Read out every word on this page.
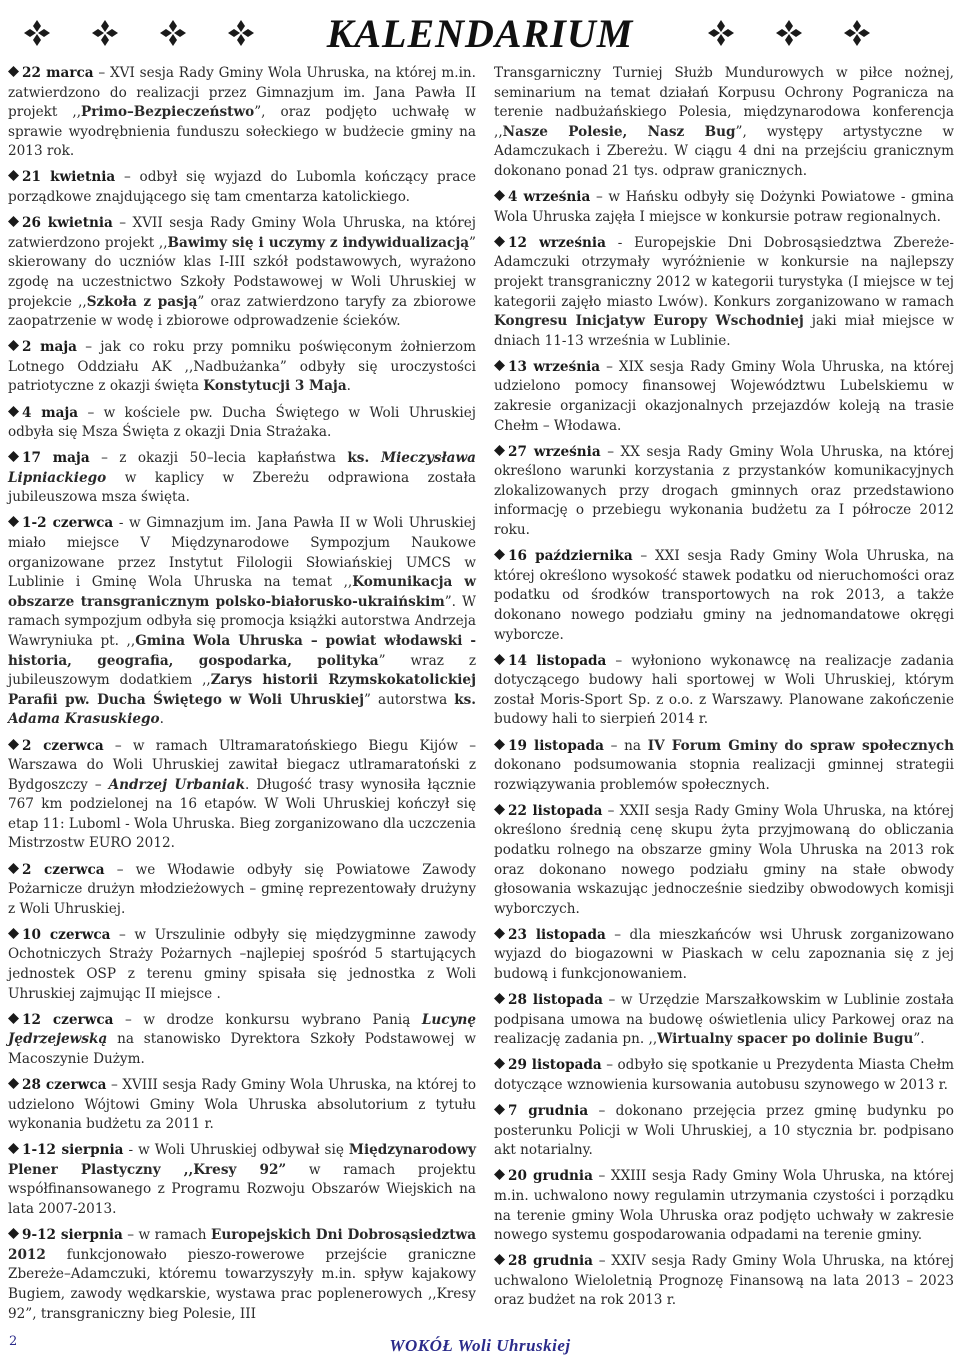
KALENDARIUM

22 marca – XVI sesja Rady Gminy Wola Uhruska, na której m.in. zatwierdzono do realizacji przez Gimnazjum im. Jana Pawła II projekt ,,Primo–Bezpieczeństwo”, oraz podjęto uchwałę w sprawie wyodrębnienia funduszu sołeckiego w budżecie gminy na 2013 rok.

21 kwietnia – odbył się wyjazd do Lubomla kończący prace porządkowe znajdującego się tam cmentarza katolickiego.

26 kwietnia – XVII sesja Rady Gminy Wola Uhruska, na której zatwierdzono projekt ,,Bawimy się i uczymy z indywidualizacją” skierowany do uczniów klas I-III szkół podstawowych, wyrażono zgodę na uczestnictwo Szkoły Podstawowej w Woli Uhruskiej w projekcie ,,Szkoła z pasją” oraz zatwierdzono taryfy za zbiorowe zaopatrzenie w wodę i zbiorowe odprowadzenie ścieków.

2 maja – jak co roku przy pomniku poświęconym żołnierzom Lotnego Oddziału AK ,,Nadbużanka” odbyły się uroczystości patriotyczne z okazji święta Konstytucji 3 Maja.

4 maja – w kościele pw. Ducha Świętego w Woli Uhruskiej odbyła się Msza Święta z okazji Dnia Strażaka.

17 maja – z okazji 50–lecia kapłaństwa ks. Mieczysława Lipniackiego w kaplicy w Zbereżu odprawiona została jubileuszowa msza święta.

1-2 czerwca - w Gimnazjum im. Jana Pawła II w Woli Uhruskiej miało miejsce V Międzynarodowe Sympozjum Naukowe organizowane przez Instytut Filologii Słowiańskiej UMCS w Lublinie i Gminę Wola Uhruska na temat ,,Komunikacja w obszarze transgranicznym polsko-białorusko-ukraińskim”. W ramach sympozjum odbyła się promocja książki autorstwa Andrzeja Wawryniuka pt. ,,Gmina Wola Uhruska – powiat włodawski - historia, geografia, gospodarka, polityka” wraz z jubileuszowym dodatkiem ,,Zarys historii Rzymskokatolickiej Parafii pw. Ducha Świętego w Woli Uhruskiej” autorstwa ks. Adama Krasuskiego.

2 czerwca – w ramach Ultramaratońskiego Biegu Kijów – Warszawa do Woli Uhruskiej zawitał biegacz utlramaratoński z Bydgoszczy – Andrzej Urbaniak. Długość trasy wynosiła łącznie 767 km podzielonej na 16 etapów. W Woli Uhruskiej kończył się etap 11: Luboml - Wola Uhruska. Bieg zorganizowano dla uczczenia Mistrzostw EURO 2012.

2 czerwca – we Włodawie odbyły się Powiatowe Zawody Pożarnicze drużyn młodzieżowych – gminę reprezentowały drużyny z Woli Uhruskiej.

10 czerwca – w Urszulinie odbyły się międzygminne zawody Ochotniczych Straży Pożarnych –najlepiej spośród 5 startujących jednostek OSP z terenu gminy spisała się jednostka z Woli Uhruskiej zajmując II miejsce .

12 czerwca – w drodze konkursu wybrano Panią Lucynę Jędrzejewską na stanowisko Dyrektora Szkoły Podstawowej w Macoszynie Dużym.

28 czerwca – XVIII sesja Rady Gminy Wola Uhruska, na której to udzielono Wójtowi Gminy Wola Uhruska absolutorium z tytułu wykonania budżetu za 2011 r.

1-12 sierpnia - w Woli Uhruskiej odbywał się Międzynarodowy Plener Plastyczny ,,Kresy 92” w ramach projektu współfinansowanego z Programu Rozwoju Obszarów Wiejskich na lata 2007-2013.

9-12 sierpnia – w ramach Europejskich Dni Dobrosąsiedztwa 2012 funkcjonowało pieszo-rowerowe przejście graniczne Zbereże–Adamczuki, któremu towarzyszyły m.in. spływ kajakowy Bugiem, zawody wędkarskie, wystawa prac poplenerowych ,,Kresy 92”, transgraniczny bieg Polesie, III

Transgarniczny Turniej Służb Mundurowych w piłce nożnej, seminarium na temat działań Korpusu Ochrony Pogranicza na terenie nadbużańskiego Polesia, międzynarodowa konferencja ,,Nasze Polesie, Nasz Bug”, występy artystyczne w Adamczukach i Zbereżu. W ciągu 4 dni na przejściu granicznym dokonano ponad 21 tys. odpraw granicznych.

4 września – w Hańsku odbyły się Dożynki Powiatowe - gmina Wola Uhruska zajęła I miejsce w konkursie potraw regionalnych.

12 września - Europejskie Dni Dobrosąsiedztwa Zbereże-Adamczuki otrzymały wyróżnienie w konkursie na najlepszy projekt transgraniczny 2012 w kategorii turystyka (I miejsce w tej kategorii zajęło miasto Lwów). Konkurs zorganizowano w ramach Kongresu Inicjatyw Europy Wschodniej jaki miał miejsce w dniach 11-13 września w Lublinie.

13 września – XIX sesja Rady Gminy Wola Uhruska, na której udzielono pomocy finansowej Województwu Lubelskiemu w zakresie organizacji okazjonalnych przejazdów koleją na trasie Chełm – Włodawa.

27 września – XX sesja Rady Gminy Wola Uhruska, na której określono warunki korzystania z przystanków komunikacyjnych zlokalizowanych przy drogach gminnych oraz przedstawiono informację o przebiegu wykonania budżetu za I półrocze 2012 roku.

16 października – XXI sesja Rady Gminy Wola Uhruska, na której określono wysokość stawek podatku od nieruchomości oraz podatku od środków transportowych na rok 2013, a także dokonano nowego podziału gminy na jednomandatowe okręgi wyborcze.

14 listopada – wyłoniono wykonawcę na realizacje zadania dotyczącego budowy hali sportowej w Woli Uhruskiej, którym został Moris-Sport Sp. z o.o. z Warszawy. Planowane zakończenie budowy hali to sierpień 2014 r.

19 listopada – na IV Forum Gminy do spraw społecznych dokonano podsumowania stopnia realizacji gminnej strategii rozwiązywania problemów społecznych.

22 listopada – XXII sesja Rady Gminy Wola Uhruska, na której określono średnią cenę skupu żyta przyjmowaną do obliczania podatku rolnego na obszarze gminy Wola Uhruska na 2013 rok oraz dokonano nowego podziału gminy na stałe obwody głosowania wskazując jednocześnie siedziby obwodowych komisji wyborczych.

23 listopada – dla mieszkańców wsi Uhrusk zorganizowano wyjazd do biogazowni w Piaskach w celu zapoznania się z jej budową i funkcjonowaniem.

28 listopada – w Urzędzie Marszałkowskim w Lublinie została podpisana umowa na budowę oświetlenia ulicy Parkowej oraz na realizację zadania pn. ,,Wirtualny spacer po dolinie Bugu”.

29 listopada – odbyło się spotkanie u Prezydenta Miasta Chełm dotyczące wznowienia kursowania autobusu szynowego w 2013 r.

7 grudnia – dokonano przejęcia przez gminę budynku po posterunku Policji w Woli Uhruskiej, a 10 stycznia br. podpisano akt notarialny.

20 grudnia – XXIII sesja Rady Gminy Wola Uhruska, na której m.in. uchwalono nowy regulamin utrzymania czystości i porządku na terenie gminy Wola Uhruska oraz podjęto uchwały w zakresie nowego systemu gospodarowania odpadami na terenie gminy.

28 grudnia – XXIV sesja Rady Gminy Wola Uhruska, na której uchwalono Wieloletnią Prognozę Finansową na lata 2013 – 2023 oraz budżet na rok 2013 r.

2	WOKÓŁ Woli Uhruskiej
